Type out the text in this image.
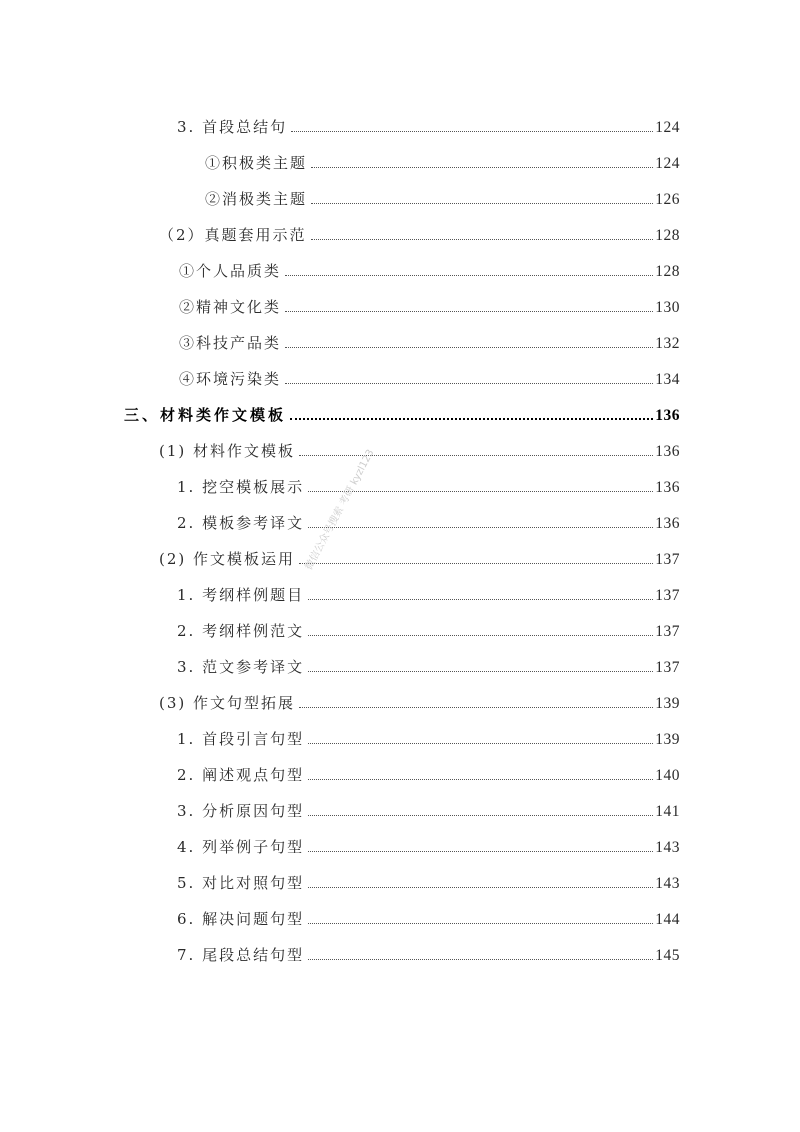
3. 首段总结句	124
①积极类主题	124
②消极类主题	126
（2）真题套用示范	128
①个人品质类	128
②精神文化类	130
③科技产品类	132
④环境污染类	134
三、材料类作文模板	136
(1) 材料作文模板	136
1. 挖空模板展示	136
2. 模板参考译文	136
(2) 作文模板运用	137
1. 考纲样例题目	137
2. 考纲样例范文	137
3. 范文参考译文	137
(3) 作文句型拓展	139
1. 首段引言句型	139
2. 阐述观点句型	140
3. 分析原因句型	141
4. 列举例子句型	143
5. 对比对照句型	143
6. 解决问题句型	144
7. 尾段总结句型	145
微信公众号搜索 考研 kyzl123
